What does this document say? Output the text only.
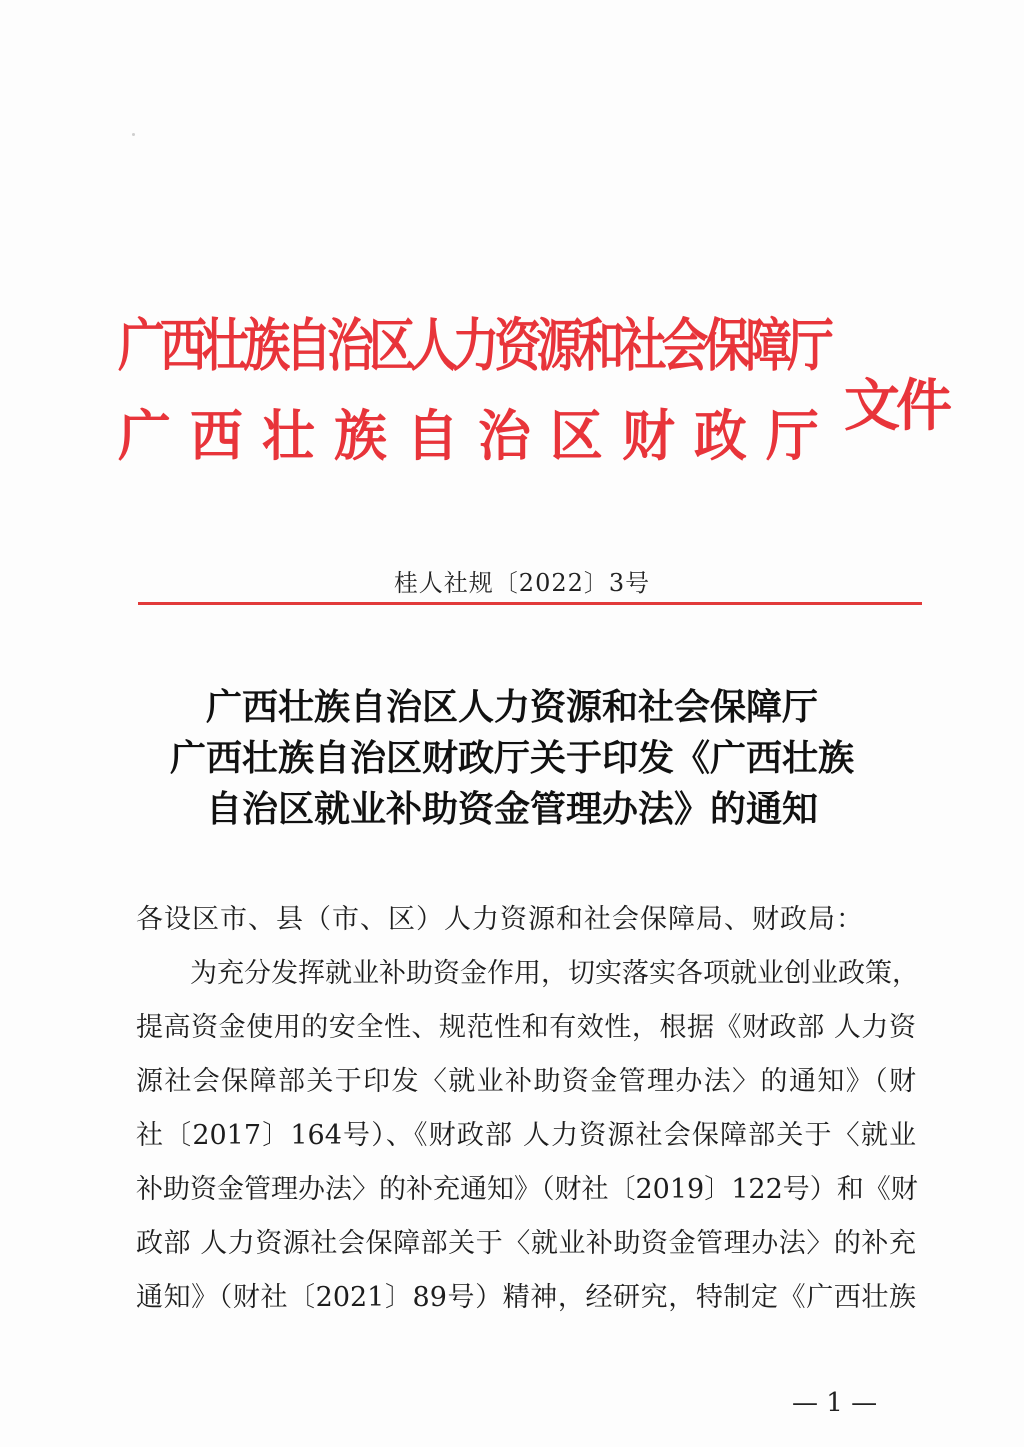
广西壮族自治区人力资源和社会保障厅
广西壮族自治区财政厅 文件
桂人社规〔2022〕3号
广西壮族自治区人力资源和社会保障厅
广西壮族自治区财政厅关于印发《广西壮族
自治区就业补助资金管理办法》的通知
各设区市、县（市、区）人力资源和社会保障局、财政局：
为充分发挥就业补助资金作用，切实落实各项就业创业政策，
提高资金使用的安全性、规范性和有效性，根据《财政部 人力资
源社会保障部关于印发〈就业补助资金管理办法〉的通知》（财
社〔2017〕164号）、《财政部 人力资源社会保障部关于〈就业
补助资金管理办法〉的补充通知》（财社〔2019〕122号）和《财
政部 人力资源社会保障部关于〈就业补助资金管理办法〉的补充
通知》（财社〔2021〕89号）精神，经研究，特制定《广西壮族
— 1 —
